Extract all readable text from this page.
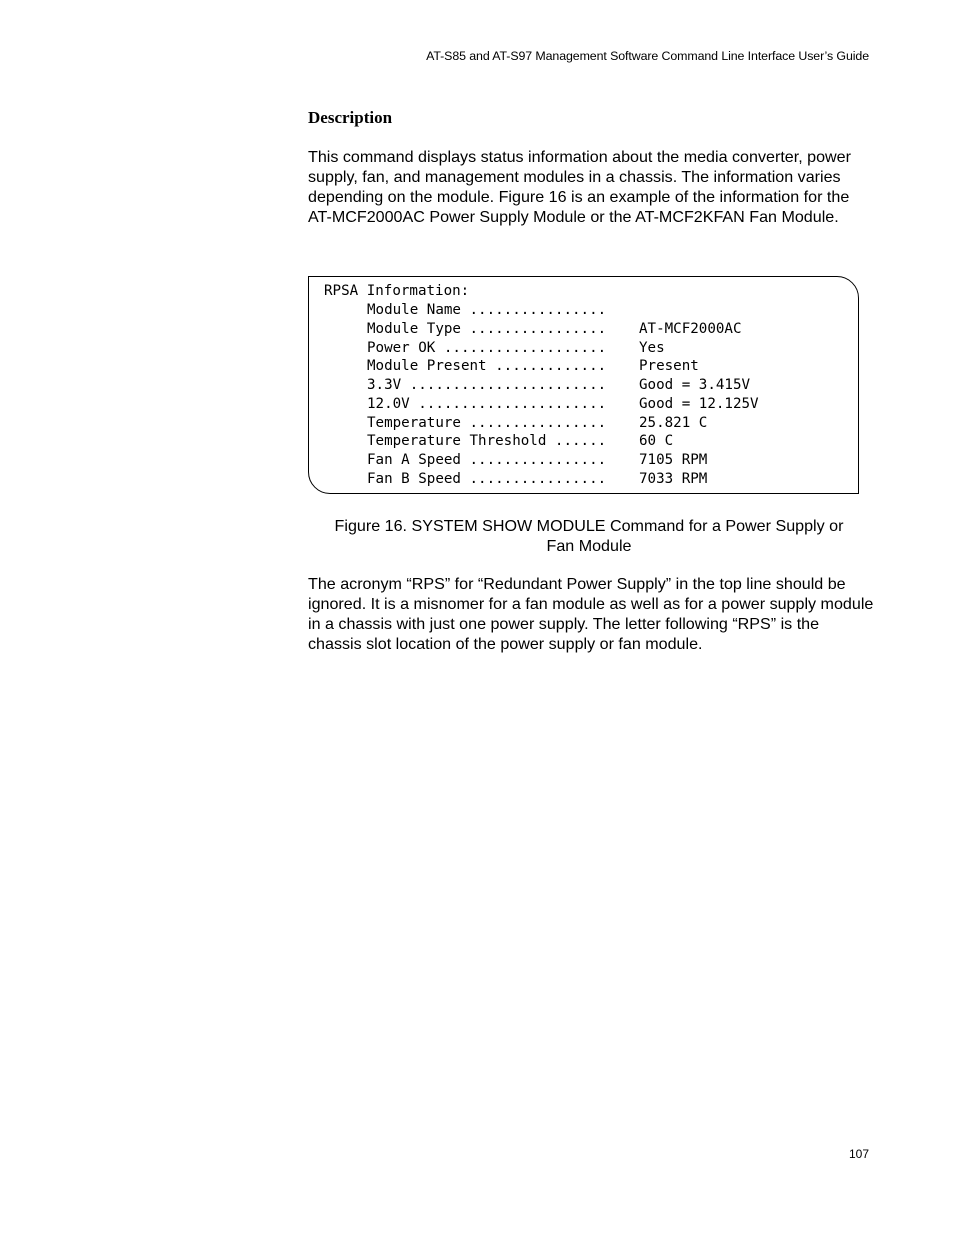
AT-S85 and AT-S97 Management Software Command Line Interface User’s Guide
Description

This command displays status information about the media converter, power supply, fan, and management modules in a chassis. The information varies depending on the module. Figure 16 is an example of the information for the AT-MCF2000AC Power Supply Module or the AT-MCF2KFAN Fan Module.

RPSA Information:
Module Name ................
Module Type ................	AT-MCF2000AC
Power OK ...................	Yes
Module Present .............	Present
3.3V .......................	Good = 3.415V
12.0V ......................	Good = 12.125V
Temperature ................	25.821 C
Temperature Threshold ......	60 C
Fan A Speed ................	7105 RPM
Fan B Speed ................	7033 RPM

Figure 16. SYSTEM SHOW MODULE Command for a Power Supply or
Fan Module

The acronym “RPS” for “Redundant Power Supply” in the top line should be ignored. It is a misnomer for a fan module as well as for a power supply module in a chassis with just one power supply. The letter following “RPS” is the chassis slot location of the power supply or fan module.

107
